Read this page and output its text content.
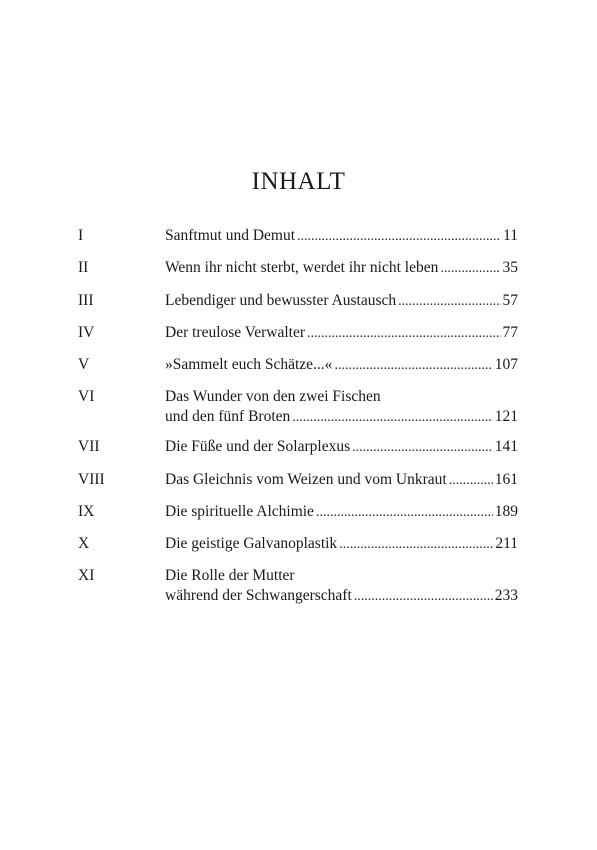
INHALT
I	Sanftmut und Demut .....	11
II	Wenn ihr nicht sterbt, werdet ihr nicht leben .....	35
III	Lebendiger und bewusster Austausch .....	57
IV	Der treulose Verwalter .....	77
V	»Sammelt euch Schätze...« .....	107
VI	Das Wunder von den zwei Fischen
und den fünf Broten .....	121
VII	Die Füße und der Solarplexus .....	141
VIII	Das Gleichnis vom Weizen und vom Unkraut .....	161
IX	Die spirituelle Alchimie .....	189
X	Die geistige Galvanoplastik .....	211
XI	Die Rolle der Mutter
während der Schwangerschaft .....	233
